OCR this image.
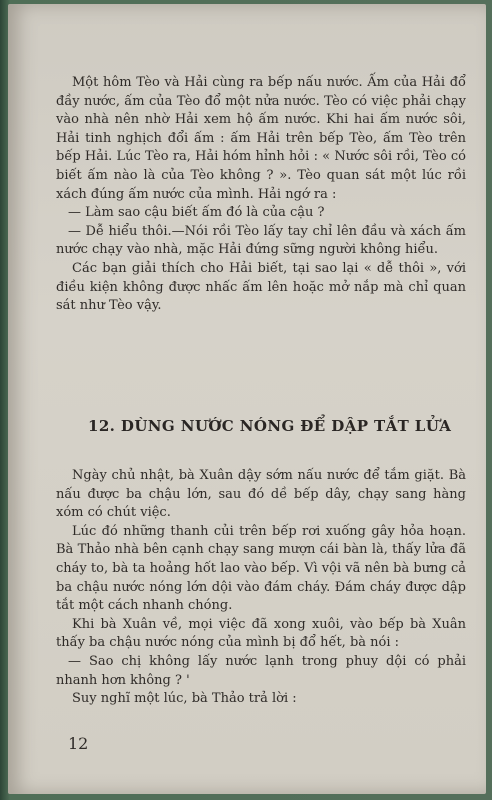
Một hôm Tèo và Hải cùng ra bếp nấu nước. Ấm của Hải đổ đầy nước, ấm của Tèo đổ một nửa nước. Tèo có việc phải chạy vào nhà nên nhờ Hải xem hộ ấm nước. Khi hai ấm nước sôi, Hải tinh nghịch đổi ấm : ấm Hải trên bếp Tèo, ấm Tèo trên bếp Hải. Lúc Tèo ra, Hải hóm hỉnh hỏi : « Nước sôi rồi, Tèo có biết ấm nào là của Tèo không ? ». Tèo quan sát một lúc rồi xách đúng ấm nước của mình. Hải ngớ ra :

— Làm sao cậu biết ấm đó là của cậu ?

— Dễ hiểu thôi.—Nói rồi Tèo lấy tay chỉ lên đầu và xách ấm nước chạy vào nhà, mặc Hải đứng sững người không hiểu.

Các bạn giải thích cho Hải biết, tại sao lại « dễ thôi », với điều kiện không được nhấc ấm lên hoặc mở nắp mà chỉ quan sát như Tèo vậy.

12. DÙNG NƯỚC NÓNG ĐỂ DẬP TẮT LỬA

Ngày chủ nhật, bà Xuân dậy sớm nấu nước để tắm giặt. Bà nấu được ba chậu lớn, sau đó dề bếp dây, chạy sang hàng xóm có chút việc.

Lúc đó những thanh củi trên bếp rơi xuống gây hỏa hoạn. Bà Thảo nhà bên cạnh chạy sang mượn cái bàn là, thấy lửa đã cháy to, bà ta hoảng hốt lao vào bếp. Vì vội vã nên bà bưng cả ba chậu nước nóng lớn dội vào đám cháy. Đám cháy được dập tắt một cách nhanh chóng.

Khi bà Xuân về, mọi việc đã xong xuôi, vào bếp bà Xuân thấy ba chậu nước nóng của mình bị đổ hết, bà nói :

— Sao chị không lấy nước lạnh trong phuy dội có phải nhanh hơn không ? '

Suy nghĩ một lúc, bà Thảo trả lời :

12
